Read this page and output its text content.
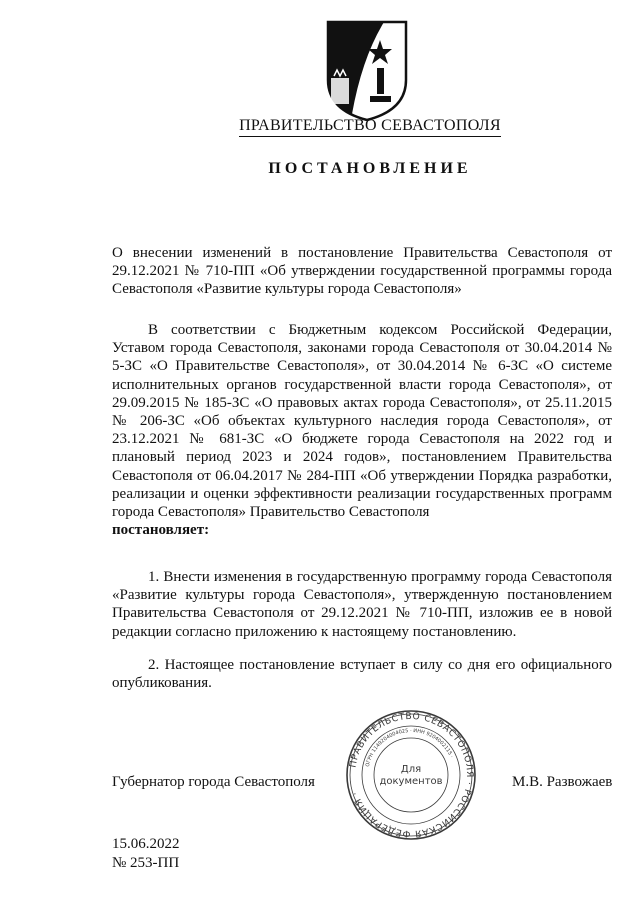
ПРАВИТЕЛЬСТВО СЕВАСТОПОЛЯ
ПОСТАНОВЛЕНИЕ
О внесении изменений в постановление Правительства Севастополя от 29.12.2021 № 710-ПП «Об утверждении государственной программы города Севастополя «Развитие культуры города Севастополя»
В соответствии с Бюджетным кодексом Российской Федерации, Уставом города Севастополя, законами города Севастополя от 30.04.2014 № 5-ЗС «О Правительстве Севастополя», от 30.04.2014 № 6-ЗС «О системе исполнительных органов государственной власти города Севастополя», от 29.09.2015 № 185-ЗС «О правовых актах города Севастополя», от 25.11.2015 № 206-ЗС «Об объектах культурного наследия города Севастополя», от 23.12.2021 № 681-ЗС «О бюджете города Севастополя на 2022 год и плановый период 2023 и 2024 годов», постановлением Правительства Севастополя от 06.04.2017 № 284-ПП «Об утверждении Порядка разработки, реализации и оценки эффективности реализации государственных программ города Севастополя» Правительство Севастополя
постановляет:
1. Внести изменения в государственную программу города Севастополя «Развитие культуры города Севастополя», утвержденную постановлением Правительства Севастополя от 29.12.2021 № 710-ПП, изложив ее в новой редакции согласно приложению к настоящему постановлению.
2. Настоящее постановление вступает в силу со дня его официального опубликования.
Губернатор города Севастополя
ПРАВИТЕЛЬСТВО СЕВАСТОПОЛЯ · РОССИЙСКАЯ ФЕДЕРАЦИЯ ·
ОГРН 1149204004025 · ИНН 9204002115 ·
Для
документов	М.В. Развожаев
15.06.2022
№ 253-ПП
